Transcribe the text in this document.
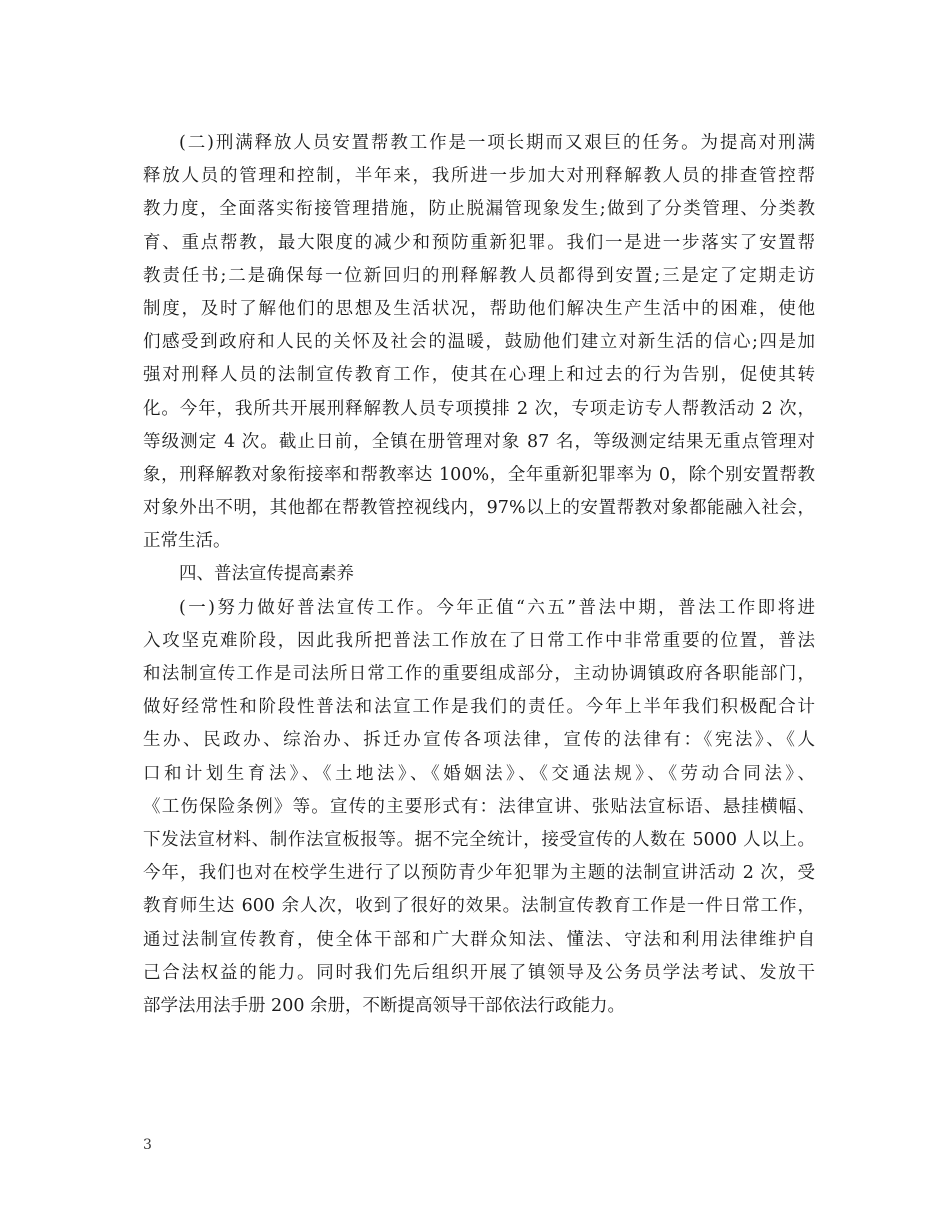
(二)刑满释放人员安置帮教工作是一项长期而又艰巨的任务。为提高对刑满
释放人员的管理和控制，半年来，我所进一步加大对刑释解教人员的排查管控帮
教力度，全面落实衔接管理措施，防止脱漏管现象发生;做到了分类管理、分类教
育、重点帮教，最大限度的减少和预防重新犯罪。我们一是进一步落实了安置帮
教责任书;二是确保每一位新回归的刑释解教人员都得到安置;三是定了定期走访
制度，及时了解他们的思想及生活状况，帮助他们解决生产生活中的困难，使他
们感受到政府和人民的关怀及社会的温暖，鼓励他们建立对新生活的信心;四是加
强对刑释人员的法制宣传教育工作，使其在心理上和过去的行为告别，促使其转
化。今年，我所共开展刑释解教人员专项摸排 2 次，专项走访专人帮教活动 2 次，
等级测定 4 次。截止日前，全镇在册管理对象 87 名，等级测定结果无重点管理对
象，刑释解教对象衔接率和帮教率达 100%，全年重新犯罪率为 0，除个别安置帮教
对象外出不明，其他都在帮教管控视线内，97%以上的安置帮教对象都能融入社会，
正常生活。
四、普法宣传提高素养
(一)努力做好普法宣传工作。今年正值“六五”普法中期，普法工作即将进
入攻坚克难阶段，因此我所把普法工作放在了日常工作中非常重要的位置，普法
和法制宣传工作是司法所日常工作的重要组成部分，主动协调镇政府各职能部门，
做好经常性和阶段性普法和法宣工作是我们的责任。今年上半年我们积极配合计
生办、民政办、综治办、拆迁办宣传各项法律，宣传的法律有：《宪法》、《人
口和计划生育法》、《土地法》、《婚姻法》、《交通法规》、《劳动合同法》、
《工伤保险条例》等。宣传的主要形式有：法律宣讲、张贴法宣标语、悬挂横幅、
下发法宣材料、制作法宣板报等。据不完全统计，接受宣传的人数在 5000 人以上。
今年，我们也对在校学生进行了以预防青少年犯罪为主题的法制宣讲活动 2 次，受
教育师生达 600 余人次，收到了很好的效果。法制宣传教育工作是一件日常工作，
通过法制宣传教育，使全体干部和广大群众知法、懂法、守法和利用法律维护自
己合法权益的能力。同时我们先后组织开展了镇领导及公务员学法考试、发放干
部学法用法手册 200 余册，不断提高领导干部依法行政能力。
3
